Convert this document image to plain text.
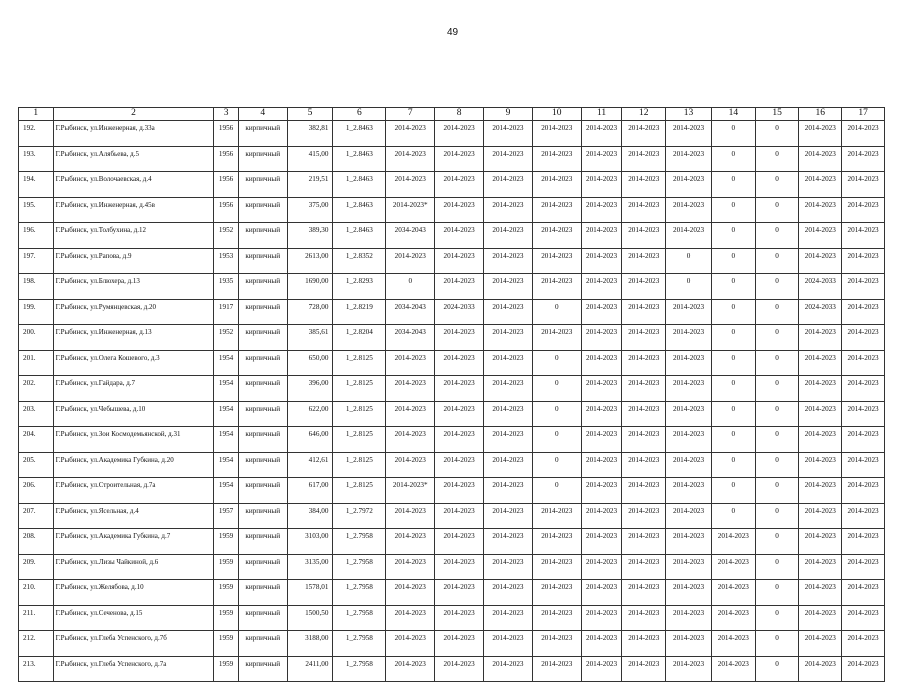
49
1	2	3	4	5	6	7	8	9	10	11	12	13	14	15	16	17
192.	Г.Рыбинск, ул.Инженерная, д.33а	1956	кирпичный	382,81	1_2.8463	2014-2023	2014-2023	2014-2023	2014-2023	2014-2023	2014-2023	2014-2023	0	0	2014-2023	2014-2023
193.	Г.Рыбинск, ул.Алябьева, д.5	1956	кирпичный	415,00	1_2.8463	2014-2023	2014-2023	2014-2023	2014-2023	2014-2023	2014-2023	2014-2023	0	0	2014-2023	2014-2023
194.	Г.Рыбинск, ул.Волочаевская, д.4	1956	кирпичный	219,51	1_2.8463	2014-2023	2014-2023	2014-2023	2014-2023	2014-2023	2014-2023	2014-2023	0	0	2014-2023	2014-2023
195.	Г.Рыбинск, ул.Инженерная, д.45в	1956	кирпичный	375,00	1_2.8463	2014-2023*	2014-2023	2014-2023	2014-2023	2014-2023	2014-2023	2014-2023	0	0	2014-2023	2014-2023
196.	Г.Рыбинск, ул.Толбухина, д.12	1952	кирпичный	389,30	1_2.8463	2034-2043	2014-2023	2014-2023	2014-2023	2014-2023	2014-2023	2014-2023	0	0	2014-2023	2014-2023
197.	Г.Рыбинск, ул.Рапова, д.9	1953	кирпичный	2613,00	1_2.8352	2014-2023	2014-2023	2014-2023	2014-2023	2014-2023	2014-2023	0	0	0	2014-2023	2014-2023
198.	Г.Рыбинск, ул.Блюхера, д.13	1935	кирпичный	1690,00	1_2.8293	0	2014-2023	2014-2023	2014-2023	2014-2023	2014-2023	0	0	0	2024-2033	2014-2023
199.	Г.Рыбинск, ул.Румянцевская, д.20	1917	кирпичный	728,00	1_2.8219	2034-2043	2024-2033	2014-2023	0	2014-2023	2014-2023	2014-2023	0	0	2024-2033	2014-2023
200.	Г.Рыбинск, ул.Инженерная, д.13	1952	кирпичный	385,61	1_2.8204	2034-2043	2014-2023	2014-2023	2014-2023	2014-2023	2014-2023	2014-2023	0	0	2014-2023	2014-2023
201.	Г.Рыбинск, ул.Олега Кошевого, д.3	1954	кирпичный	650,00	1_2.8125	2014-2023	2014-2023	2014-2023	0	2014-2023	2014-2023	2014-2023	0	0	2014-2023	2014-2023
202.	Г.Рыбинск, ул.Гайдара, д.7	1954	кирпичный	396,00	1_2.8125	2014-2023	2014-2023	2014-2023	0	2014-2023	2014-2023	2014-2023	0	0	2014-2023	2014-2023
203.	Г.Рыбинск, ул.Чебышева, д.10	1954	кирпичный	622,00	1_2.8125	2014-2023	2014-2023	2014-2023	0	2014-2023	2014-2023	2014-2023	0	0	2014-2023	2014-2023
204.	Г.Рыбинск, ул.Зои Космодемьянской, д.31	1954	кирпичный	646,00	1_2.8125	2014-2023	2014-2023	2014-2023	0	2014-2023	2014-2023	2014-2023	0	0	2014-2023	2014-2023
205.	Г.Рыбинск, ул.Академика Губкина, д.20	1954	кирпичный	412,61	1_2.8125	2014-2023	2014-2023	2014-2023	0	2014-2023	2014-2023	2014-2023	0	0	2014-2023	2014-2023
206.	Г.Рыбинск, ул.Строительная, д.7а	1954	кирпичный	617,00	1_2.8125	2014-2023*	2014-2023	2014-2023	0	2014-2023	2014-2023	2014-2023	0	0	2014-2023	2014-2023
207.	Г.Рыбинск, ул.Ясельная, д.4	1957	кирпичный	384,00	1_2.7972	2014-2023	2014-2023	2014-2023	2014-2023	2014-2023	2014-2023	2014-2023	0	0	2014-2023	2014-2023
208.	Г.Рыбинск, ул.Академика Губкина, д.7	1959	кирпичный	3103,00	1_2.7958	2014-2023	2014-2023	2014-2023	2014-2023	2014-2023	2014-2023	2014-2023	2014-2023	0	2014-2023	2014-2023
209.	Г.Рыбинск, ул.Лизы Чайкиной, д.6	1959	кирпичный	3135,00	1_2.7958	2014-2023	2014-2023	2014-2023	2014-2023	2014-2023	2014-2023	2014-2023	2014-2023	0	2014-2023	2014-2023
210.	Г.Рыбинск, ул.Желябова, д.10	1959	кирпичный	1578,01	1_2.7958	2014-2023	2014-2023	2014-2023	2014-2023	2014-2023	2014-2023	2014-2023	2014-2023	0	2014-2023	2014-2023
211.	Г.Рыбинск, ул.Сеченова, д.15	1959	кирпичный	1500,50	1_2.7958	2014-2023	2014-2023	2014-2023	2014-2023	2014-2023	2014-2023	2014-2023	2014-2023	0	2014-2023	2014-2023
212.	Г.Рыбинск, ул.Глеба Успенского, д.7б	1959	кирпичный	3188,00	1_2.7958	2014-2023	2014-2023	2014-2023	2014-2023	2014-2023	2014-2023	2014-2023	2014-2023	0	2014-2023	2014-2023
213.	Г.Рыбинск, ул.Глеба Успенского, д.7а	1959	кирпичный	2411,00	1_2.7958	2014-2023	2014-2023	2014-2023	2014-2023	2014-2023	2014-2023	2014-2023	2014-2023	0	2014-2023	2014-2023
